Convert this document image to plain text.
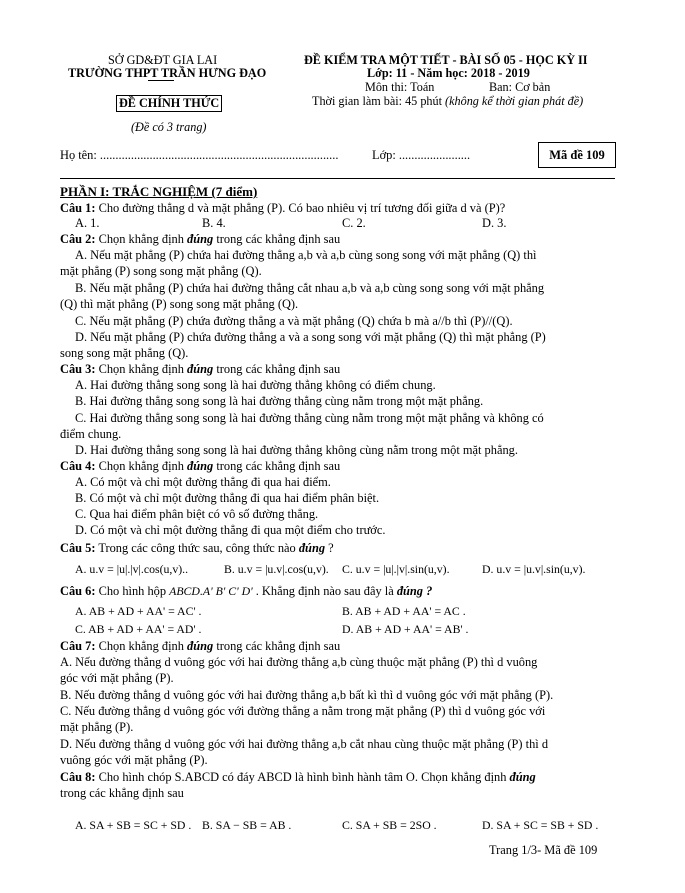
SỞ GD&ĐT GIA LAI
TRƯỜNG THPT TRẦN HƯNG ĐẠO
ĐỀ CHÍNH THỨC
(Đề có 3 trang)
ĐỀ KIỂM TRA MỘT TIẾT - BÀI SỐ 05 - HỌC KỲ II
Lớp: 11 - Năm học: 2018 - 2019
Môn thi: Toán	Ban: Cơ bản
Thời gian làm bài: 45 phút (không kể thời gian phát đề)
Họ tên: .............................................................................	Lớp: .......................	Mã đề 109
PHẦN I: TRẮC NGHIỆM (7 điểm)
Câu 1: Cho đường thẳng d và mặt phẳng (P). Có bao nhiêu vị trí tương đối giữa d và (P)?
A. 1.	B. 4.	C. 2.	D. 3.
Câu 2: Chọn khẳng định đúng trong các khẳng định sau
A. Nếu mặt phẳng (P) chứa hai đường thẳng a,b và a,b cùng song song với mặt phẳng (Q) thì
mặt phẳng (P) song song mặt phẳng (Q).
B. Nếu mặt phẳng (P) chứa hai đường thẳng cắt nhau a,b và a,b cùng song song với mặt phẳng
(Q) thì mặt phẳng (P) song song mặt phẳng (Q).
C. Nếu mặt phẳng (P) chứa đường thẳng a và mặt phẳng (Q) chứa b mà a//b thì (P)//(Q).
D. Nếu mặt phẳng (P) chứa đường thẳng a và a song song với mặt phẳng (Q) thì mặt phẳng (P)
song song mặt phẳng (Q).
Câu 3: Chọn khẳng định đúng trong các khẳng định sau
A. Hai đường thẳng song song là hai đường thẳng không có điểm chung.
B. Hai đường thẳng song song là hai đường thẳng cùng nằm trong một mặt phẳng.
C. Hai đường thẳng song song là hai đường thẳng cùng nằm trong một mặt phẳng và không có
điểm chung.
D. Hai đường thẳng song song là hai đường thẳng không cùng nằm trong một mặt phẳng.
Câu 4: Chọn khẳng định đúng trong các khẳng định sau
A. Có một và chỉ một đường thẳng đi qua hai điểm.
B. Có một và chỉ một đường thẳng đi qua hai điểm phân biệt.
C. Qua hai điểm phân biệt có vô số đường thẳng.
D. Có một và chỉ một đường thẳng đi qua một điểm cho trước.
Câu 5: Trong các công thức sau, công thức nào đúng ?
A. u.v = |u|.|v|.cos(u,v)..	B. u.v = |u.v|.cos(u,v). C. u.v = |u|.|v|.sin(u,v).	D. u.v = |u.v|.sin(u,v).
Câu 6: Cho hình hộp ABCD.A' B' C' D' . Khẳng định nào sau đây là đúng ?
A. AB + AD + AA' = AC' .	B. AB + AD + AA' = AC .
C. AB + AD + AA' = AD' .	D. AB + AD + AA' = AB' .
Câu 7: Chọn khẳng định đúng trong các khẳng định sau
A. Nếu đường thẳng d vuông góc với hai đường thẳng a,b cùng thuộc mặt phẳng (P) thì d vuông
góc với mặt phẳng (P).
B. Nếu đường thẳng d vuông góc với hai đường thẳng a,b bất kì thì d vuông góc với mặt phẳng (P).
C. Nếu đường thẳng d vuông góc với đường thẳng a nằm trong mặt phẳng (P) thì d vuông góc với
mặt phẳng (P).
D. Nếu đường thẳng d vuông góc với hai đường thẳng a,b cắt nhau cùng thuộc mặt phẳng (P) thì d
vuông góc với mặt phẳng (P).
Câu 8: Cho hình chóp S.ABCD có đáy ABCD là hình bình hành tâm O. Chọn khẳng định đúng
trong các khẳng định sau
A. SA + SB = SC + SD . B. SA − SB = AB .	C. SA + SB = 2SO .	D. SA + SC = SB + SD .
Trang 1/3- Mã đề 109
